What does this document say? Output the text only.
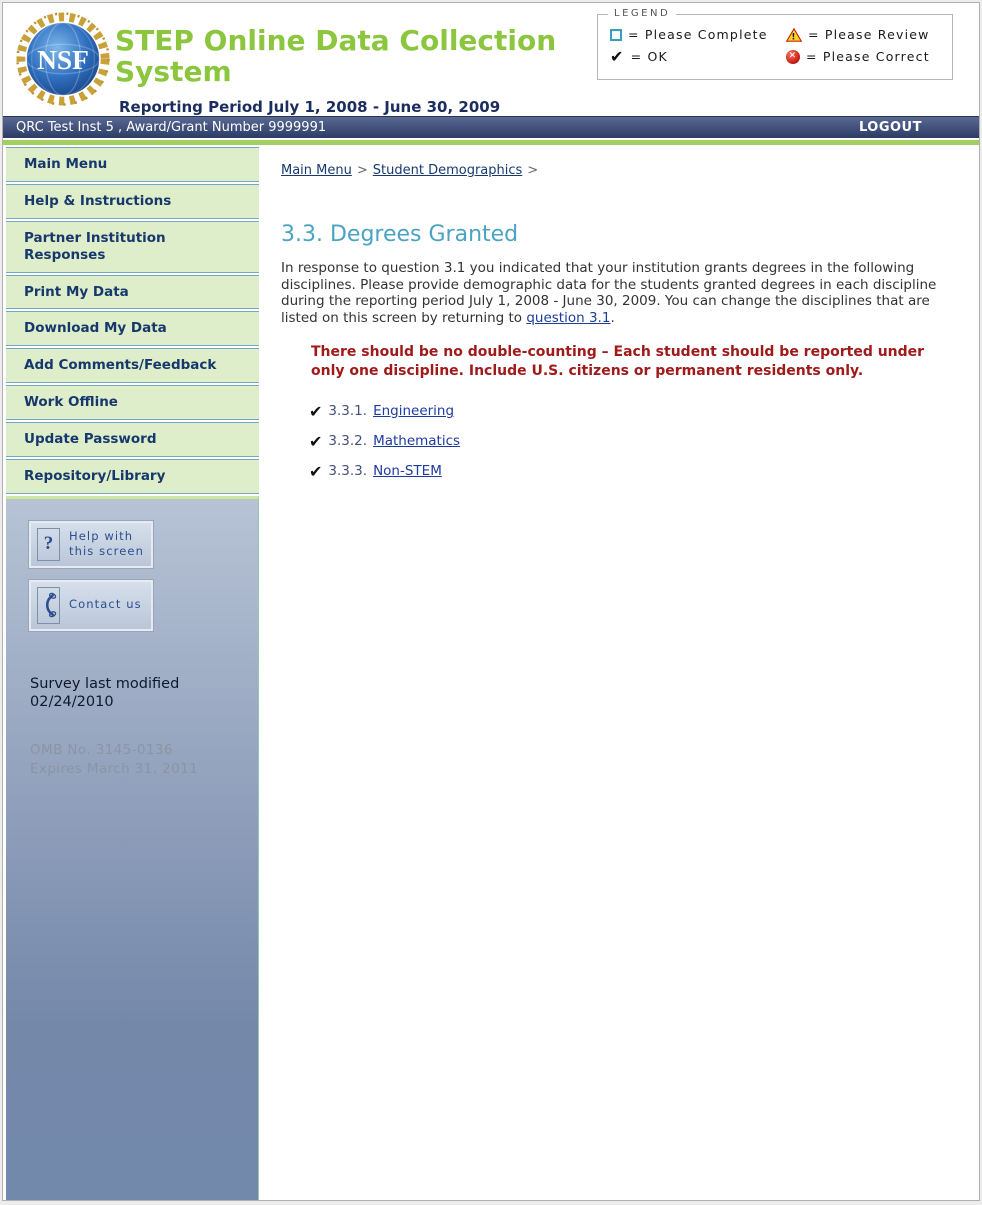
NSF
STEP Online Data Collection
System
Reporting Period July 1, 2008 - June 30, 2009
LEGEND
= Please Complete	! = Please Review
✔ = OK	✕ = Please Correct
QRC Test Inst 5 , Award/Grant Number 9999991	LOGOUT
Main Menu
Help & Instructions
Partner Institution Responses
Print My Data
Download My Data
Add Comments/Feedback
Work Offline
Update Password
Repository/Library
? Help with
this screen
Contact us
Survey last modified
02/24/2010
OMB No. 3145-0136
Expires March 31, 2011
Main Menu > Student Demographics >
3.3. Degrees Granted

In response to question 3.1 you indicated that your institution grants degrees in the following disciplines. Please provide demographic data for the students granted degrees in each discipline during the reporting period July 1, 2008 - June 30, 2009. You can change the disciplines that are listed on this screen by returning to question 3.1.

There should be no double-counting – Each student should be reported under only one discipline. Include U.S. citizens or permanent residents only.

✔ 3.3.1. Engineering
✔ 3.3.2. Mathematics
✔ 3.3.3. Non-STEM
